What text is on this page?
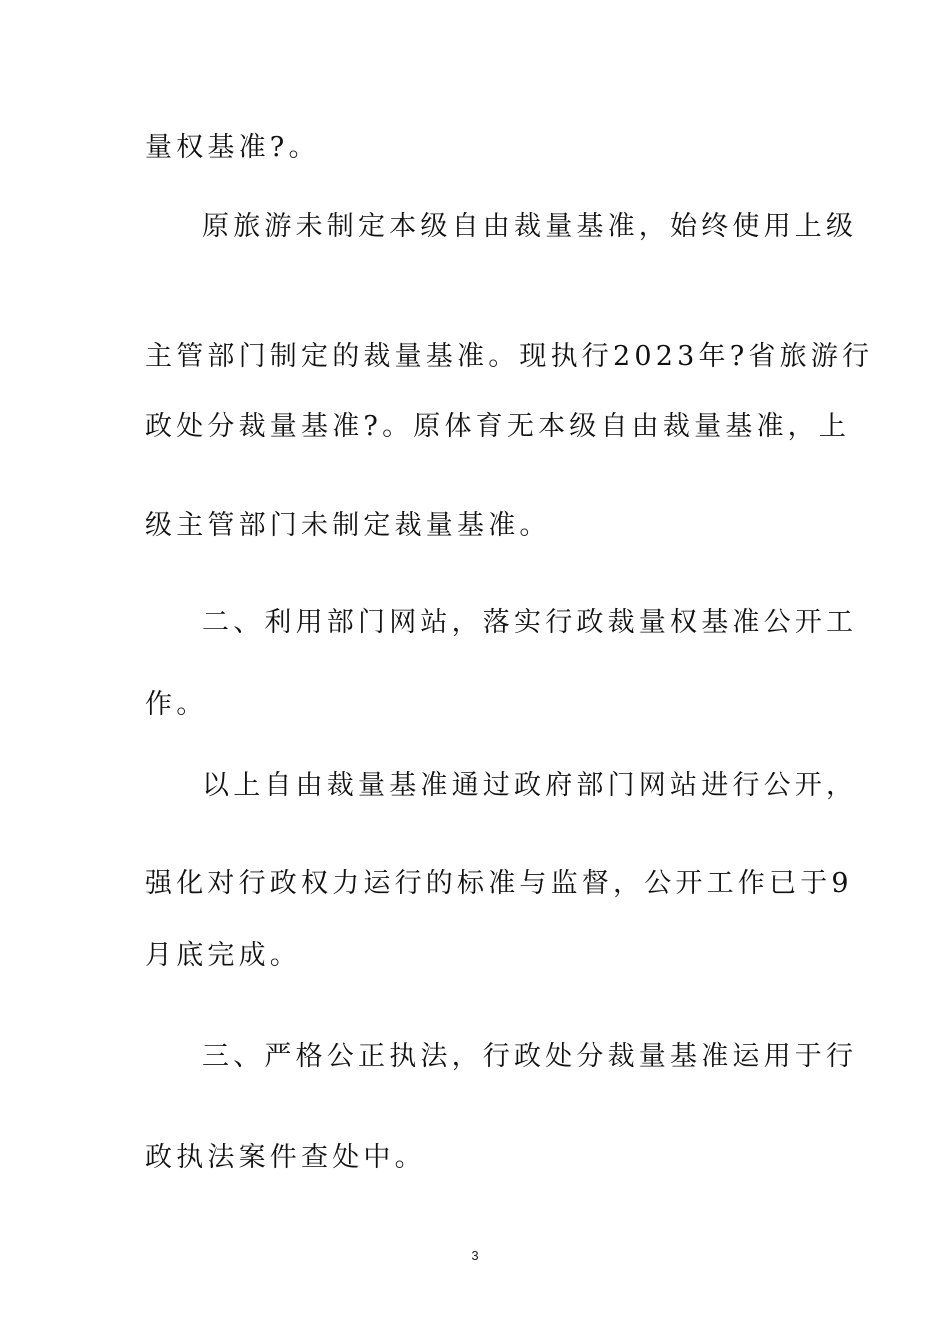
量权基准?。
原旅游未制定本级自由裁量基准，始终使用上级
主管部门制定的裁量基准。现执行2023年?省旅游行
政处分裁量基准?。原体育无本级自由裁量基准，上
级主管部门未制定裁量基准。
二、利用部门网站，落实行政裁量权基准公开工
作。
以上自由裁量基准通过政府部门网站进行公开，
强化对行政权力运行的标准与监督，公开工作已于9
月底完成。
三、严格公正执法，行政处分裁量基准运用于行
政执法案件查处中。
3
